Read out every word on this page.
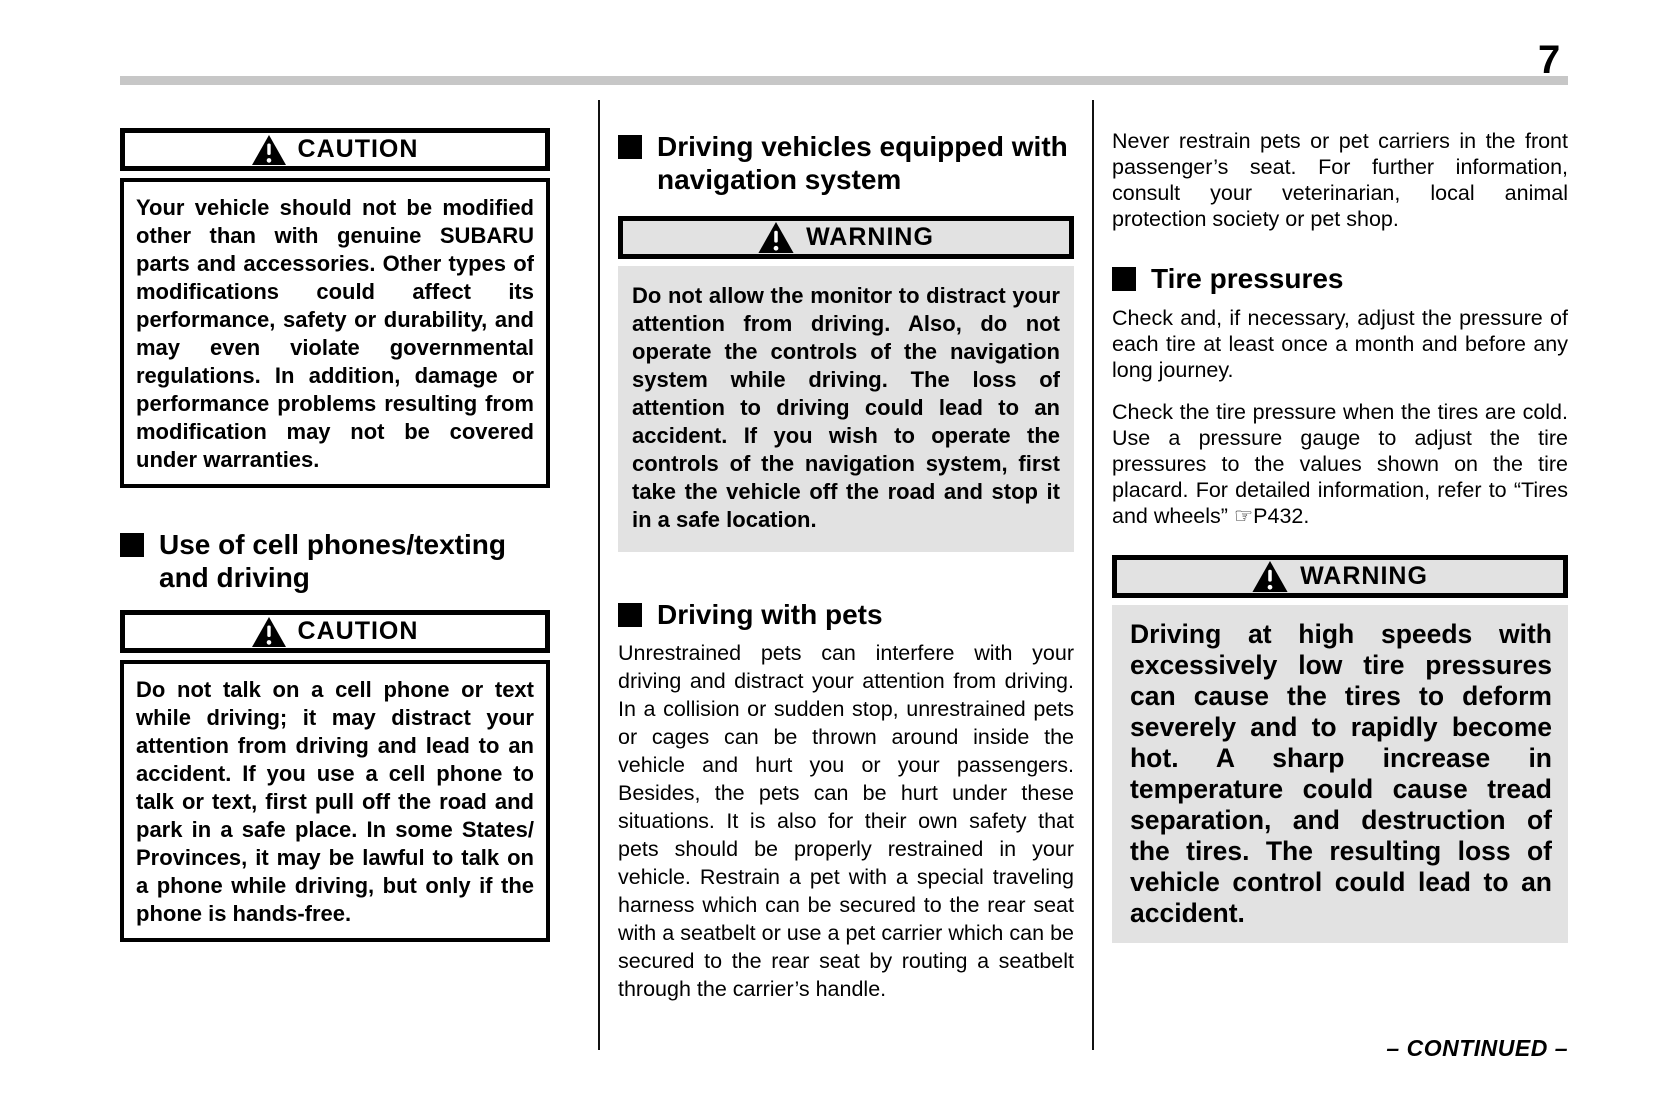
7
CAUTION
Your vehicle should not be modified other than with genuine SUBARU parts and accessories. Other types of modifications could affect its performance, safety or durability, and may even violate governmental regulations. In addition, damage or performance problems resulting from modification may not be covered under warranties.
Use of cell phones/texting and driving
CAUTION
Do not talk on a cell phone or text while driving; it may distract your attention from driving and lead to an accident. If you use a cell phone to talk or text, first pull off the road and park in a safe place. In some States/ Provinces, it may be lawful to talk on a phone while driving, but only if the phone is hands-free.
Driving vehicles equipped with navigation system
WARNING
Do not allow the monitor to distract your attention from driving. Also, do not operate the controls of the navigation system while driving. The loss of attention to driving could lead to an accident. If you wish to operate the controls of the navigation system, first take the vehicle off the road and stop it in a safe location.
Driving with pets
Unrestrained pets can interfere with your driving and distract your attention from driving. In a collision or sudden stop, unrestrained pets or cages can be thrown around inside the vehicle and hurt you or your passengers. Besides, the pets can be hurt under these situations. It is also for their own safety that pets should be properly restrained in your vehicle. Restrain a pet with a special traveling harness which can be secured to the rear seat with a seatbelt or use a pet carrier which can be secured to the rear seat by routing a seatbelt through the carrier’s handle.
Never restrain pets or pet carriers in the front passenger’s seat. For further information, consult your veterinarian, local animal protection society or pet shop.
Tire pressures
Check and, if necessary, adjust the pressure of each tire at least once a month and before any long journey.
Check the tire pressure when the tires are cold. Use a pressure gauge to adjust the tire pressures to the values shown on the tire placard. For detailed information, refer to “Tires and wheels” ☞P432.
WARNING
Driving at high speeds with excessively low tire pressures can cause the tires to deform severely and to rapidly become hot. A sharp increase in temperature could cause tread separation, and destruction of the tires. The resulting loss of vehicle control could lead to an accident.
– CONTINUED –
